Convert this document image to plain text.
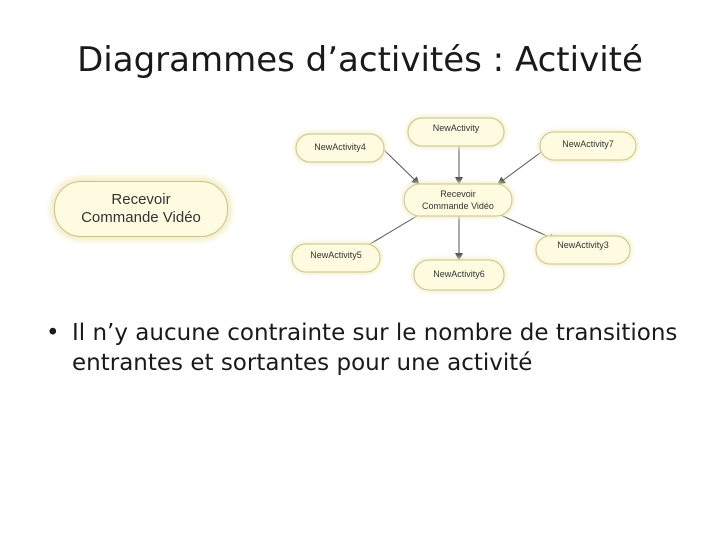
Diagrammes d’activités : Activité
Recevoir
Commande Vidéo
NewActivity
NewActivity4	NewActivity7
Recevoir
Commande Vidéo
NewActivity5
NewActivity3
NewActivity6
• Il n’y aucune contrainte sur le nombre de transitions entrantes et sortantes pour une activité
